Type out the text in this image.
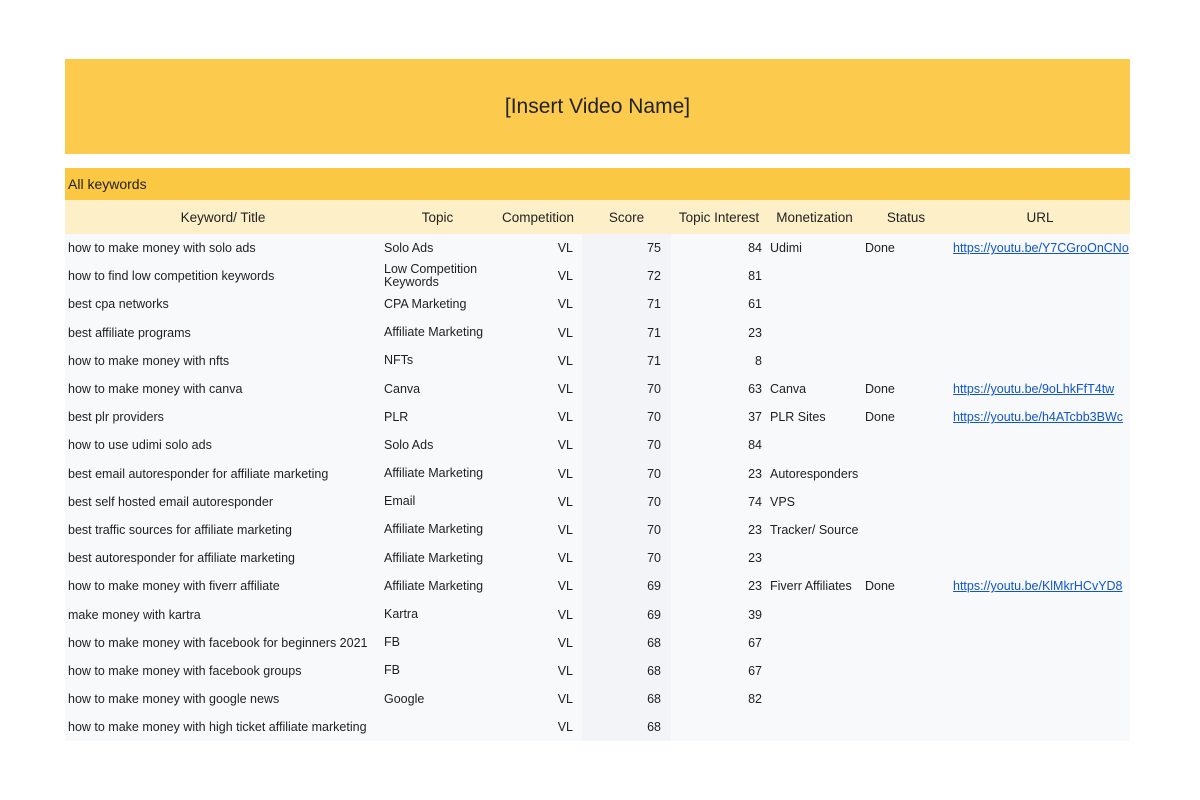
[Insert Video Name]
All keywords
Keyword/ Title	Topic	Competition	Score	Topic Interest	Monetization	Status	URL
how to make money with solo ads	Solo Ads	VL	75	84	Udimi	Done	https://youtu.be/Y7CGroOnCNo
how to find low competition keywords	Low Competition Keywords	VL	72	81			
best cpa networks	CPA Marketing	VL	71	61			
best affiliate programs	Affiliate Marketing	VL	71	23			
how to make money with nfts	NFTs	VL	71	8			
how to make money with canva	Canva	VL	70	63	Canva	Done	https://youtu.be/9oLhkFfT4tw
best plr providers	PLR	VL	70	37	PLR Sites	Done	https://youtu.be/h4ATcbb3BWc
how to use udimi solo ads	Solo Ads	VL	70	84			
best email autoresponder for affiliate marketing	Affiliate Marketing	VL	70	23	Autoresponders		
best self hosted email autoresponder	Email	VL	70	74	VPS		
best traffic sources for affiliate marketing	Affiliate Marketing	VL	70	23	Tracker/ Source		
best autoresponder for affiliate marketing	Affiliate Marketing	VL	70	23			
how to make money with fiverr affiliate	Affiliate Marketing	VL	69	23	Fiverr Affiliates	Done	https://youtu.be/KlMkrHCvYD8
make money with kartra	Kartra	VL	69	39			
how to make money with facebook for beginners 2021	FB	VL	68	67			
how to make money with facebook groups	FB	VL	68	67			
how to make money with google news	Google	VL	68	82			
how to make money with high ticket affiliate marketing		VL	68				
